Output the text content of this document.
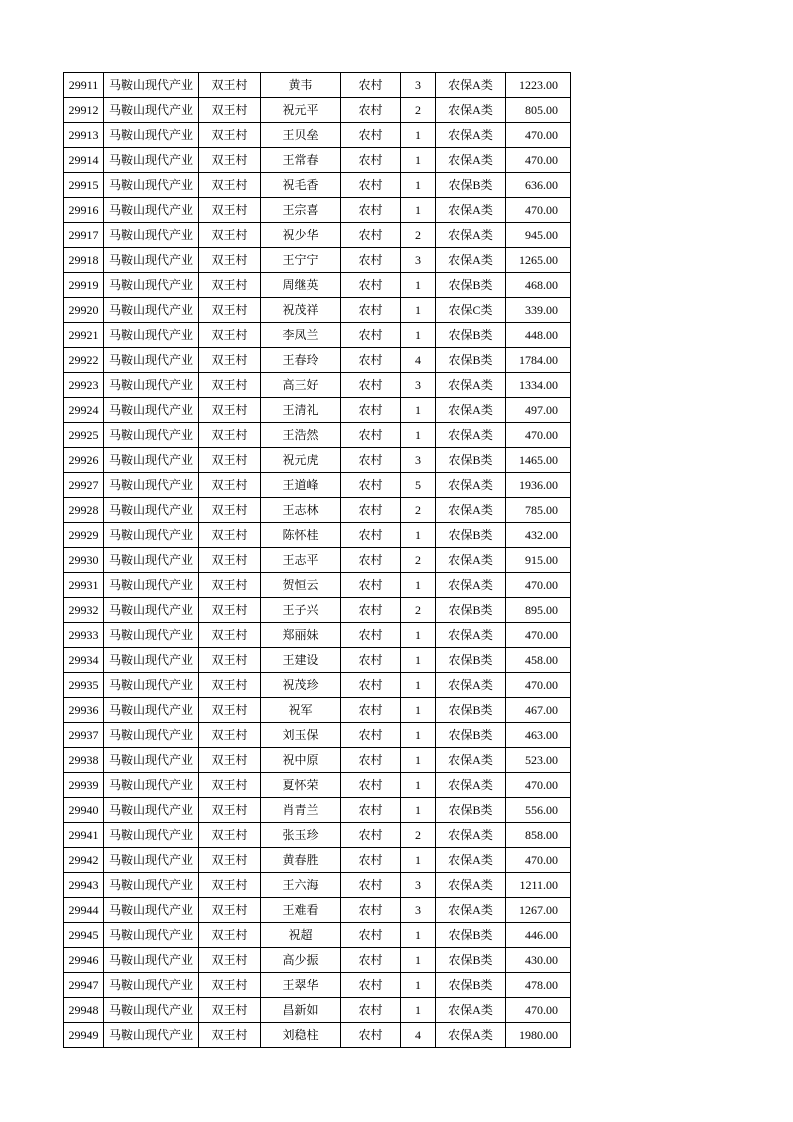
29911	马鞍山现代产业	双王村	黄韦	农村	3	农保A类	1223.00
29912	马鞍山现代产业	双王村	祝元平	农村	2	农保A类	805.00
29913	马鞍山现代产业	双王村	王贝垒	农村	1	农保A类	470.00
29914	马鞍山现代产业	双王村	王常春	农村	1	农保A类	470.00
29915	马鞍山现代产业	双王村	祝毛香	农村	1	农保B类	636.00
29916	马鞍山现代产业	双王村	王宗喜	农村	1	农保A类	470.00
29917	马鞍山现代产业	双王村	祝少华	农村	2	农保A类	945.00
29918	马鞍山现代产业	双王村	王宁宁	农村	3	农保A类	1265.00
29919	马鞍山现代产业	双王村	周继英	农村	1	农保B类	468.00
29920	马鞍山现代产业	双王村	祝茂祥	农村	1	农保C类	339.00
29921	马鞍山现代产业	双王村	李凤兰	农村	1	农保B类	448.00
29922	马鞍山现代产业	双王村	王春玲	农村	4	农保B类	1784.00
29923	马鞍山现代产业	双王村	高三好	农村	3	农保A类	1334.00
29924	马鞍山现代产业	双王村	王清礼	农村	1	农保A类	497.00
29925	马鞍山现代产业	双王村	王浩然	农村	1	农保A类	470.00
29926	马鞍山现代产业	双王村	祝元虎	农村	3	农保B类	1465.00
29927	马鞍山现代产业	双王村	王道峰	农村	5	农保A类	1936.00
29928	马鞍山现代产业	双王村	王志林	农村	2	农保A类	785.00
29929	马鞍山现代产业	双王村	陈怀桂	农村	1	农保B类	432.00
29930	马鞍山现代产业	双王村	王志平	农村	2	农保A类	915.00
29931	马鞍山现代产业	双王村	贺恒云	农村	1	农保A类	470.00
29932	马鞍山现代产业	双王村	王子兴	农村	2	农保B类	895.00
29933	马鞍山现代产业	双王村	郑丽妹	农村	1	农保A类	470.00
29934	马鞍山现代产业	双王村	王建设	农村	1	农保B类	458.00
29935	马鞍山现代产业	双王村	祝茂珍	农村	1	农保A类	470.00
29936	马鞍山现代产业	双王村	祝军	农村	1	农保B类	467.00
29937	马鞍山现代产业	双王村	刘玉保	农村	1	农保B类	463.00
29938	马鞍山现代产业	双王村	祝中原	农村	1	农保A类	523.00
29939	马鞍山现代产业	双王村	夏怀荣	农村	1	农保A类	470.00
29940	马鞍山现代产业	双王村	肖青兰	农村	1	农保B类	556.00
29941	马鞍山现代产业	双王村	张玉珍	农村	2	农保A类	858.00
29942	马鞍山现代产业	双王村	黄春胜	农村	1	农保A类	470.00
29943	马鞍山现代产业	双王村	王六海	农村	3	农保A类	1211.00
29944	马鞍山现代产业	双王村	王难看	农村	3	农保A类	1267.00
29945	马鞍山现代产业	双王村	祝超	农村	1	农保B类	446.00
29946	马鞍山现代产业	双王村	高少振	农村	1	农保B类	430.00
29947	马鞍山现代产业	双王村	王翠华	农村	1	农保B类	478.00
29948	马鞍山现代产业	双王村	昌新如	农村	1	农保A类	470.00
29949	马鞍山现代产业	双王村	刘稳柱	农村	4	农保A类	1980.00
